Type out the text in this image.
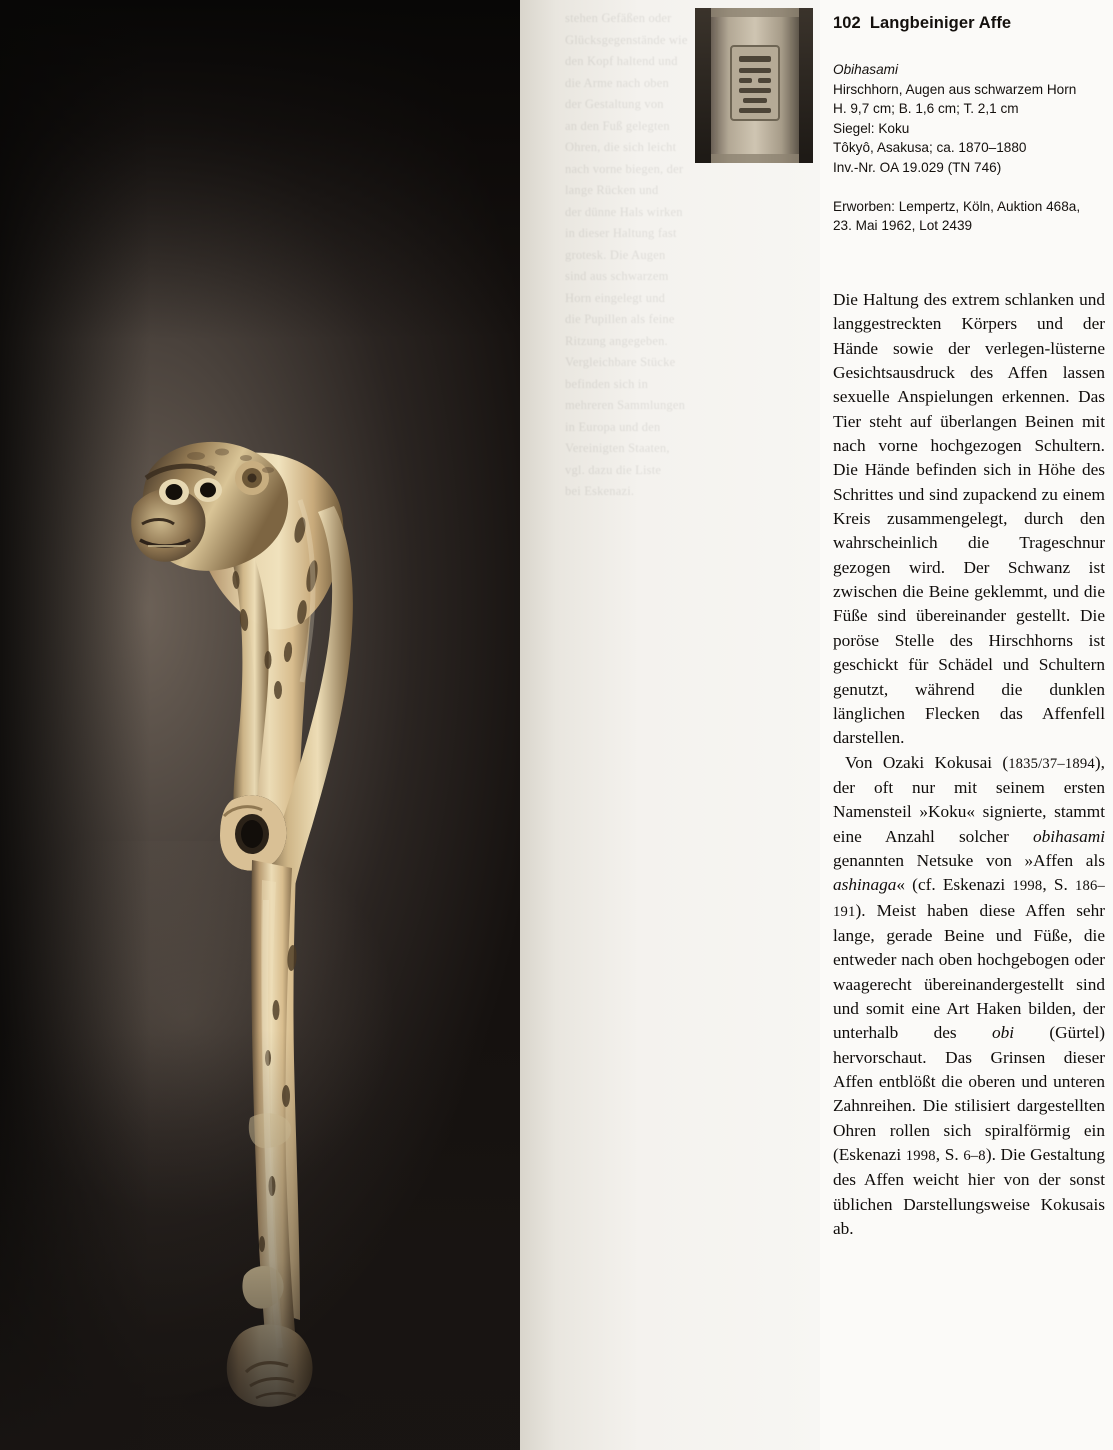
stehen Gefäßen oder
Glücksgegenstände wie
den Kopf haltend und
die Arme nach oben
der Gestaltung von
an den Fuß gelegten
Ohren, die sich leicht
nach vorne biegen, der
lange Rücken und
der dünne Hals wirken
in dieser Haltung fast
grotesk. Die Augen
sind aus schwarzem
Horn eingelegt und
die Pupillen als feine
Ritzung angegeben.
Vergleichbare Stücke
befinden sich in
mehreren Sammlungen
in Europa und den
Vereinigten Staaten,
vgl. dazu die Liste
bei Eskenazi.
102 Langbeiniger Affe
Obihasami
Hirschhorn, Augen aus schwarzem Horn
H. 9,7 cm; B. 1,6 cm; T. 2,1 cm
Siegel: Koku
Tôkyô, Asakusa; ca. 1870–1880
Inv.-Nr. OA 19.029 (TN 746)
Erworben: Lempertz, Köln, Auktion 468a, 23. Mai 1962, Lot 2439

Die Haltung des extrem schlanken und langgestreckten Körpers und der Hände sowie der verlegen-lüsterne Gesichtsausdruck des Affen lassen sexuelle Anspielungen erkennen. Das Tier steht auf überlangen Beinen mit nach vorne hochgezogen Schultern. Die Hände befinden sich in Höhe des Schrittes und sind zupackend zu einem Kreis zusammengelegt, durch den wahrscheinlich die Trageschnur gezogen wird. Der Schwanz ist zwischen die Beine geklemmt, und die Füße sind übereinander gestellt. Die poröse Stelle des Hirschhorns ist geschickt für Schädel und Schultern genutzt, während die dunklen länglichen Flecken das Affenfell darstellen.

Von Ozaki Kokusai (1835/37–1894), der oft nur mit seinem ersten Namensteil »Koku« signierte, stammt eine Anzahl solcher obihasami genannten Netsuke von »Affen als ashinaga« (cf. Eskenazi 1998, S. 186–191). Meist haben diese Affen sehr lange, gerade Beine und Füße, die entweder nach oben hochgebogen oder waagerecht übereinandergestellt sind und somit eine Art Haken bilden, der unterhalb des obi (Gürtel) hervorschaut. Das Grinsen dieser Affen entblößt die oberen und unteren Zahnreihen. Die stilisiert dargestellten Ohren rollen sich spiralförmig ein (Eskenazi 1998, S. 6–8). Die Gestaltung des Affen weicht hier von der sonst üblichen Darstellungsweise Kokusais ab.
